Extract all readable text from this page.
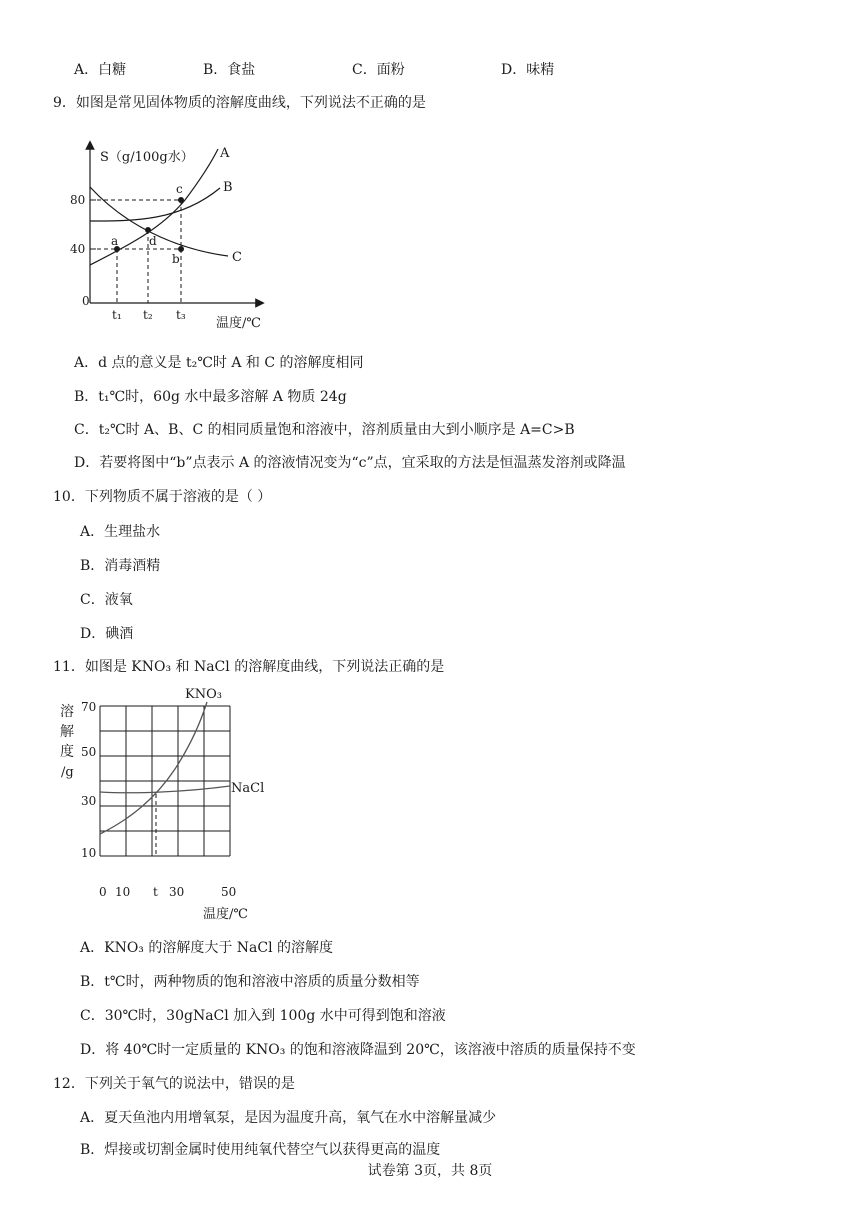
A．白糖	B．食盐	C．面粉	D．味精
9．如图是常见固体物质的溶解度曲线，下列说法不正确的是
S（g/100g水）
0
80
40
A
B
C
a
b
c
d
t₁ t₂ t₃
温度/℃
A．d 点的意义是 t₂℃时 A 和 C 的溶解度相同
B．t₁℃时，60g 水中最多溶解 A 物质 24g
C．t₂℃时 A、B、C 的相同质量饱和溶液中，溶剂质量由大到小顺序是 A=C>B
D．若要将图中“b”点表示 A 的溶液情况变为“c”点，宜采取的方法是恒温蒸发溶剂或降温
10．下列物质不属于溶液的是（ ）
A．生理盐水
B．消毒酒精
C．液氧
D．碘酒
11．如图是 KNO₃ 和 NaCl 的溶解度曲线，下列说法正确的是
KNO₃
NaCl
溶
解
度
/g
70
50
30
10
0 10 t 30	50
温度/℃
A．KNO₃ 的溶解度大于 NaCl 的溶解度
B．t℃时，两种物质的饱和溶液中溶质的质量分数相等
C．30℃时，30gNaCl 加入到 100g 水中可得到饱和溶液
D．将 40℃时一定质量的 KNO₃ 的饱和溶液降温到 20℃，该溶液中溶质的质量保持不变
12．下列关于氧气的说法中，错误的是
A．夏天鱼池内用增氧泵，是因为温度升高，氧气在水中溶解量减少
B．焊接或切割金属时使用纯氧代替空气以获得更高的温度
试卷第 3页，共 8页
